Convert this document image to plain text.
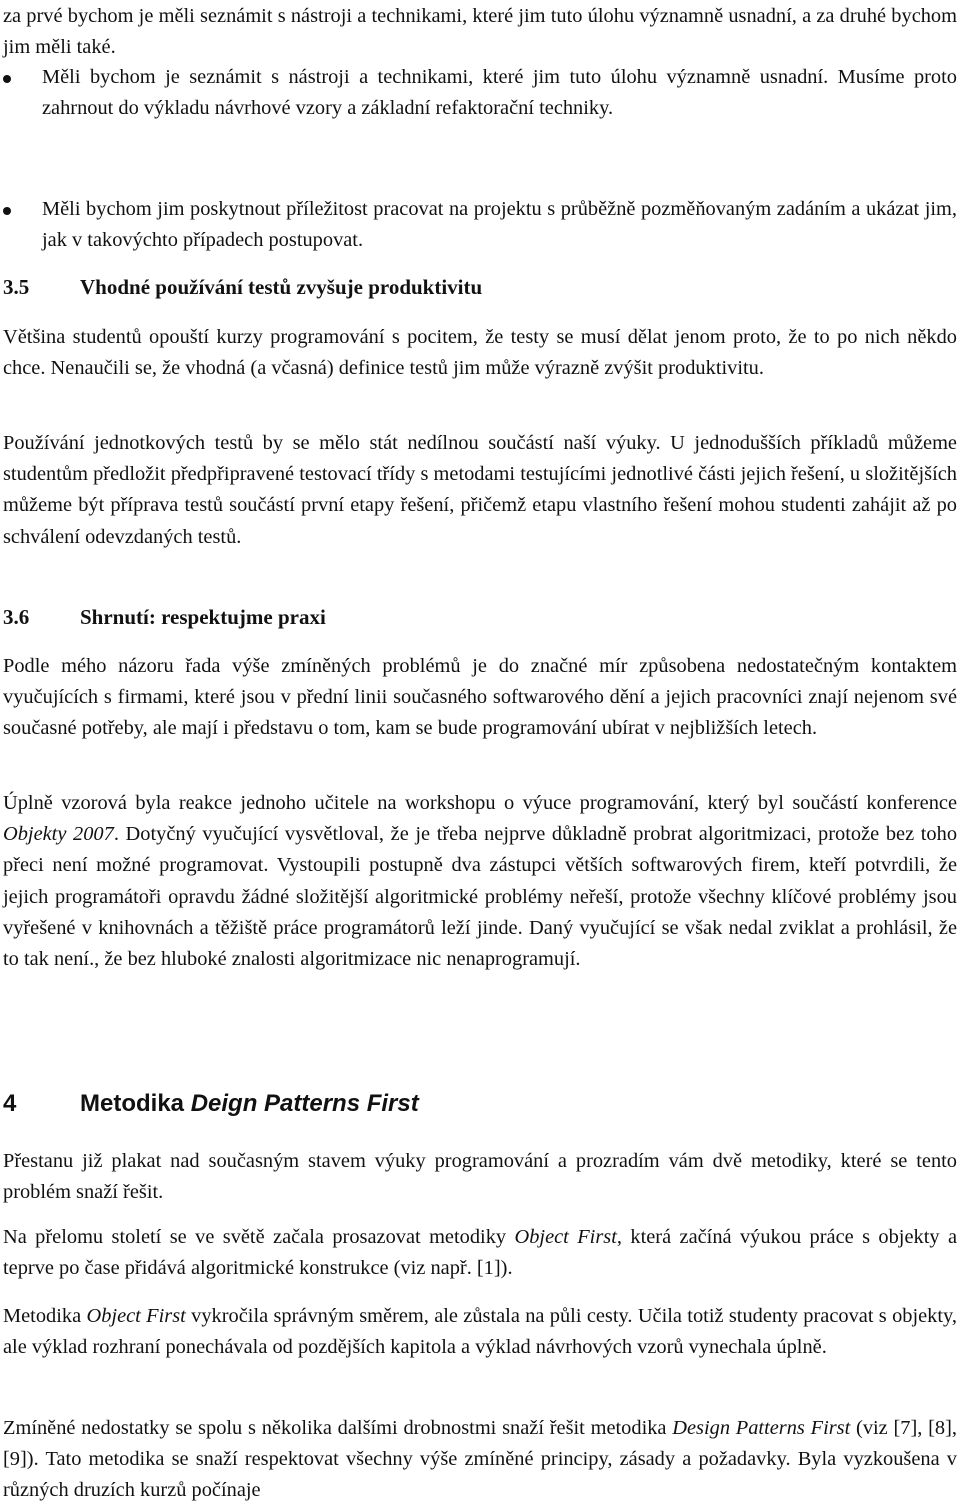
za prvé bychom je měli seznámit s nástroji a technikami, které jim tuto úlohu významně usnadní, a za druhé bychom jim měli také.

Měli bychom je seznámit s nástroji a technikami, které jim tuto úlohu významně usnadní. Musíme proto zahrnout do výkladu návrhové vzory a základní refaktorační techniky.

Měli bychom jim poskytnout příležitost pracovat na projektu s průběžně pozměňovaným zadáním a ukázat jim, jak v takovýchto případech postupovat.

3.5 Vhodné používání testů zvyšuje produktivitu

Většina studentů opouští kurzy programování s pocitem, že testy se musí dělat jenom proto, že to po nich někdo chce. Nenaučili se, že vhodná (a včasná) definice testů jim může výrazně zvýšit produktivitu.

Používání jednotkových testů by se mělo stát nedílnou součástí naší výuky. U jednodušších příkladů můžeme studentům předložit předpřipravené testovací třídy s metodami testujícími jednotlivé části jejich řešení, u složitějších můžeme být příprava testů součástí první etapy řešení, přičemž etapu vlastního řešení mohou studenti zahájit až po schválení odevzdaných testů.

3.6 Shrnutí: respektujme praxi

Podle mého názoru řada výše zmíněných problémů je do značné mír způsobena nedostatečným kontaktem vyučujících s firmami, které jsou v přední linii současného softwarového dění a jejich pracovníci znají nejenom své současné potřeby, ale mají i představu o tom, kam se bude programování ubírat v nejbližších letech.

Úplně vzorová byla reakce jednoho učitele na workshopu o výuce programování, který byl součástí konference Objekty 2007. Dotyčný vyučující vysvětloval, že je třeba nejprve důkladně probrat algoritmizaci, protože bez toho přeci není možné programovat. Vystoupili postupně dva zástupci větších softwarových firem, kteří potvrdili, že jejich programátoři opravdu žádné složitější algoritmické problémy neřeší, protože všechny klíčové problémy jsou vyřešené v knihovnách a těžiště práce programátorů leží jinde. Daný vyučující se však nedal zviklat a prohlásil, že to tak není., že bez hluboké znalosti algoritmizace nic nenaprogramují.

4	Metodika Deign Patterns First

Přestanu již plakat nad současným stavem výuky programování a prozradím vám dvě metodiky, které se tento problém snaží řešit.

Na přelomu století se ve světě začala prosazovat metodiky Object First, která začíná výukou práce s objekty a teprve po čase přidává algoritmické konstrukce (viz např. [1]).

Metodika Object First vykročila správným směrem, ale zůstala na půli cesty. Učila totiž studenty pracovat s objekty, ale výklad rozhraní ponechávala od pozdějších kapitola a výklad návrhových vzorů vynechala úplně.

Zmíněné nedostatky se spolu s několika dalšími drobnostmi snaží řešit metodika Design Patterns First (viz [7], [8], [9]). Tato metodika se snaží respektovat všechny výše zmíněné principy, zásady a požadavky. Byla vyzkoušena v různých druzích kurzů počínaje
